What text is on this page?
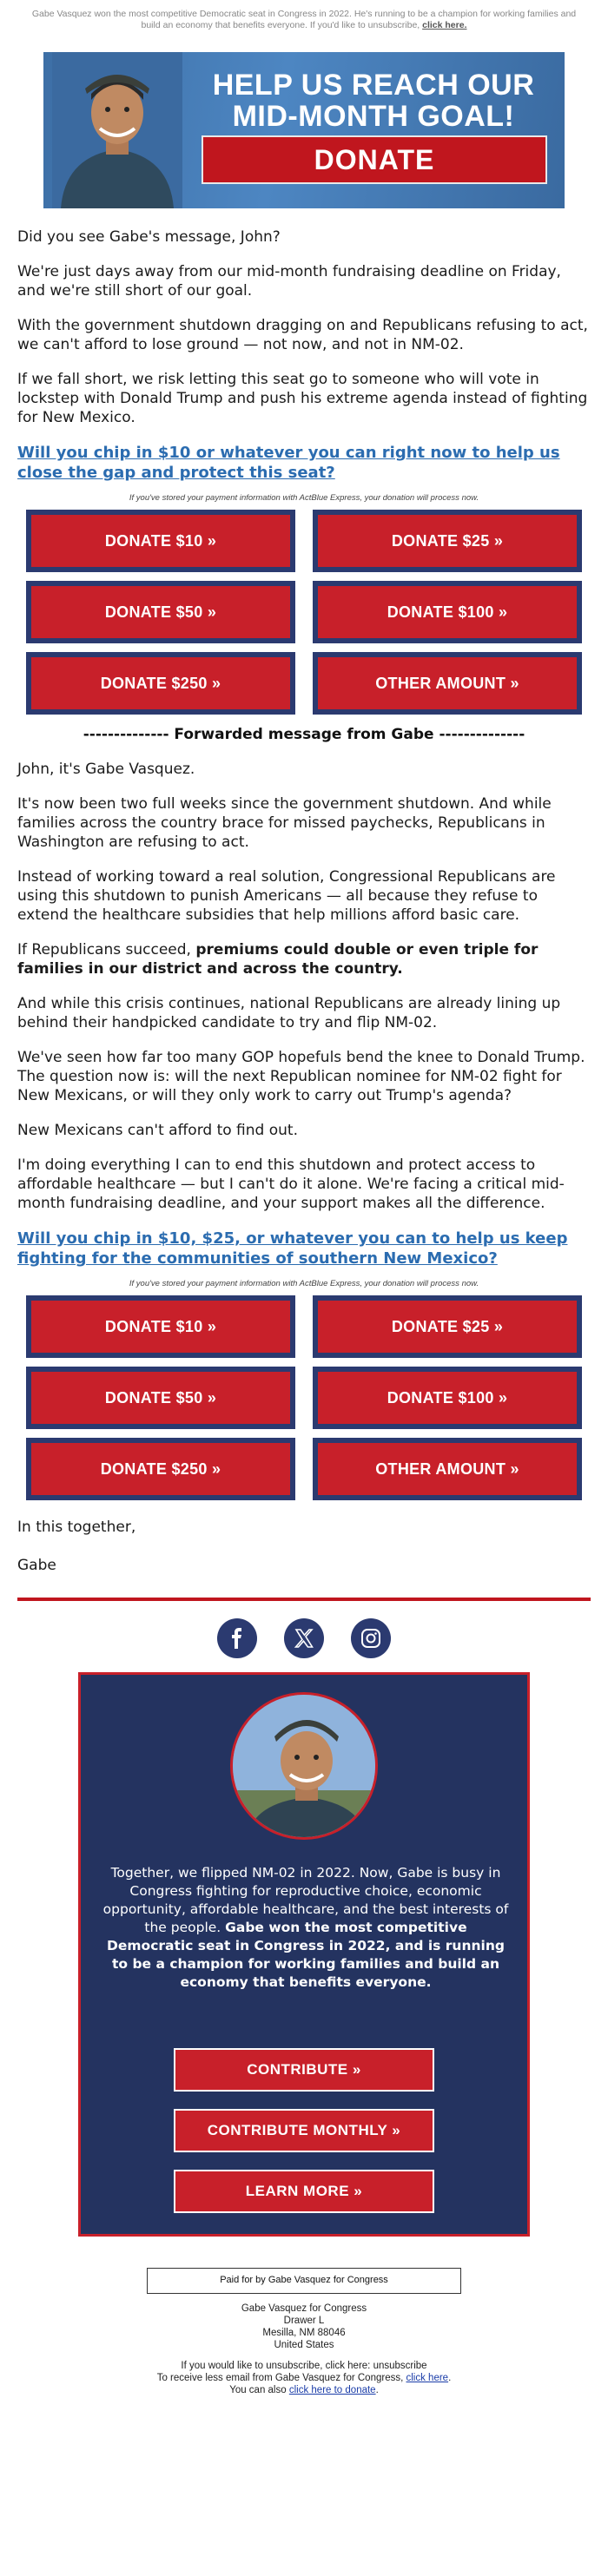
Gabe Vasquez won the most competitive Democratic seat in Congress in 2022. He's running to be a champion for working families and build an economy that benefits everyone. If you'd like to unsubscribe, click here.
HELP US REACH OUR
MID-MONTH GOAL!
DONATE

Did you see Gabe's message, John?

We're just days away from our mid-month fundraising deadline on Friday, and we're still short of our goal.

With the government shutdown dragging on and Republicans refusing to act, we can't afford to lose ground — not now, and not in NM-02.

If we fall short, we risk letting this seat go to someone who will vote in lockstep with Donald Trump and push his extreme agenda instead of fighting for New Mexico.

Will you chip in $10 or whatever you can right now to help us close the gap and protect this seat?

If you've stored your payment information with ActBlue Express, your donation will process now.

DONATE $10 »	DONATE $25 »
DONATE $50 »	DONATE $100 »
DONATE $250 »	OTHER AMOUNT »

-------------- Forwarded message from Gabe --------------

John, it's Gabe Vasquez.

It's now been two full weeks since the government shutdown. And while families across the country brace for missed paychecks, Republicans in Washington are refusing to act.

Instead of working toward a real solution, Congressional Republicans are using this shutdown to punish Americans — all because they refuse to extend the healthcare subsidies that help millions afford basic care.

If Republicans succeed, premiums could double or even triple for families in our district and across the country.

And while this crisis continues, national Republicans are already lining up behind their handpicked candidate to try and flip NM-02.

We've seen how far too many GOP hopefuls bend the knee to Donald Trump. The question now is: will the next Republican nominee for NM-02 fight for New Mexicans, or will they only work to carry out Trump's agenda?

New Mexicans can't afford to find out.

I'm doing everything I can to end this shutdown and protect access to affordable healthcare — but I can't do it alone. We're facing a critical mid-month fundraising deadline, and your support makes all the difference.

Will you chip in $10, $25, or whatever you can to help us keep fighting for the communities of southern New Mexico?

If you've stored your payment information with ActBlue Express, your donation will process now.

DONATE $10 »	DONATE $25 »
DONATE $50 »	DONATE $100 »
DONATE $250 »	OTHER AMOUNT »

In this together,

Gabe

Together, we flipped NM-02 in 2022. Now, Gabe is busy in Congress fighting for reproductive choice, economic opportunity, affordable healthcare, and the best interests of the people. Gabe won the most competitive Democratic seat in Congress in 2022, and is running to be a champion for working families and build an economy that benefits everyone.
CONTRIBUTE »
CONTRIBUTE MONTHLY »
LEARN MORE »
Paid for by Gabe Vasquez for Congress
Gabe Vasquez for Congress
Drawer L
Mesilla, NM 88046
United States
If you would like to unsubscribe, click here: unsubscribe
To receive less email from Gabe Vasquez for Congress, click here.
You can also click here to donate.
